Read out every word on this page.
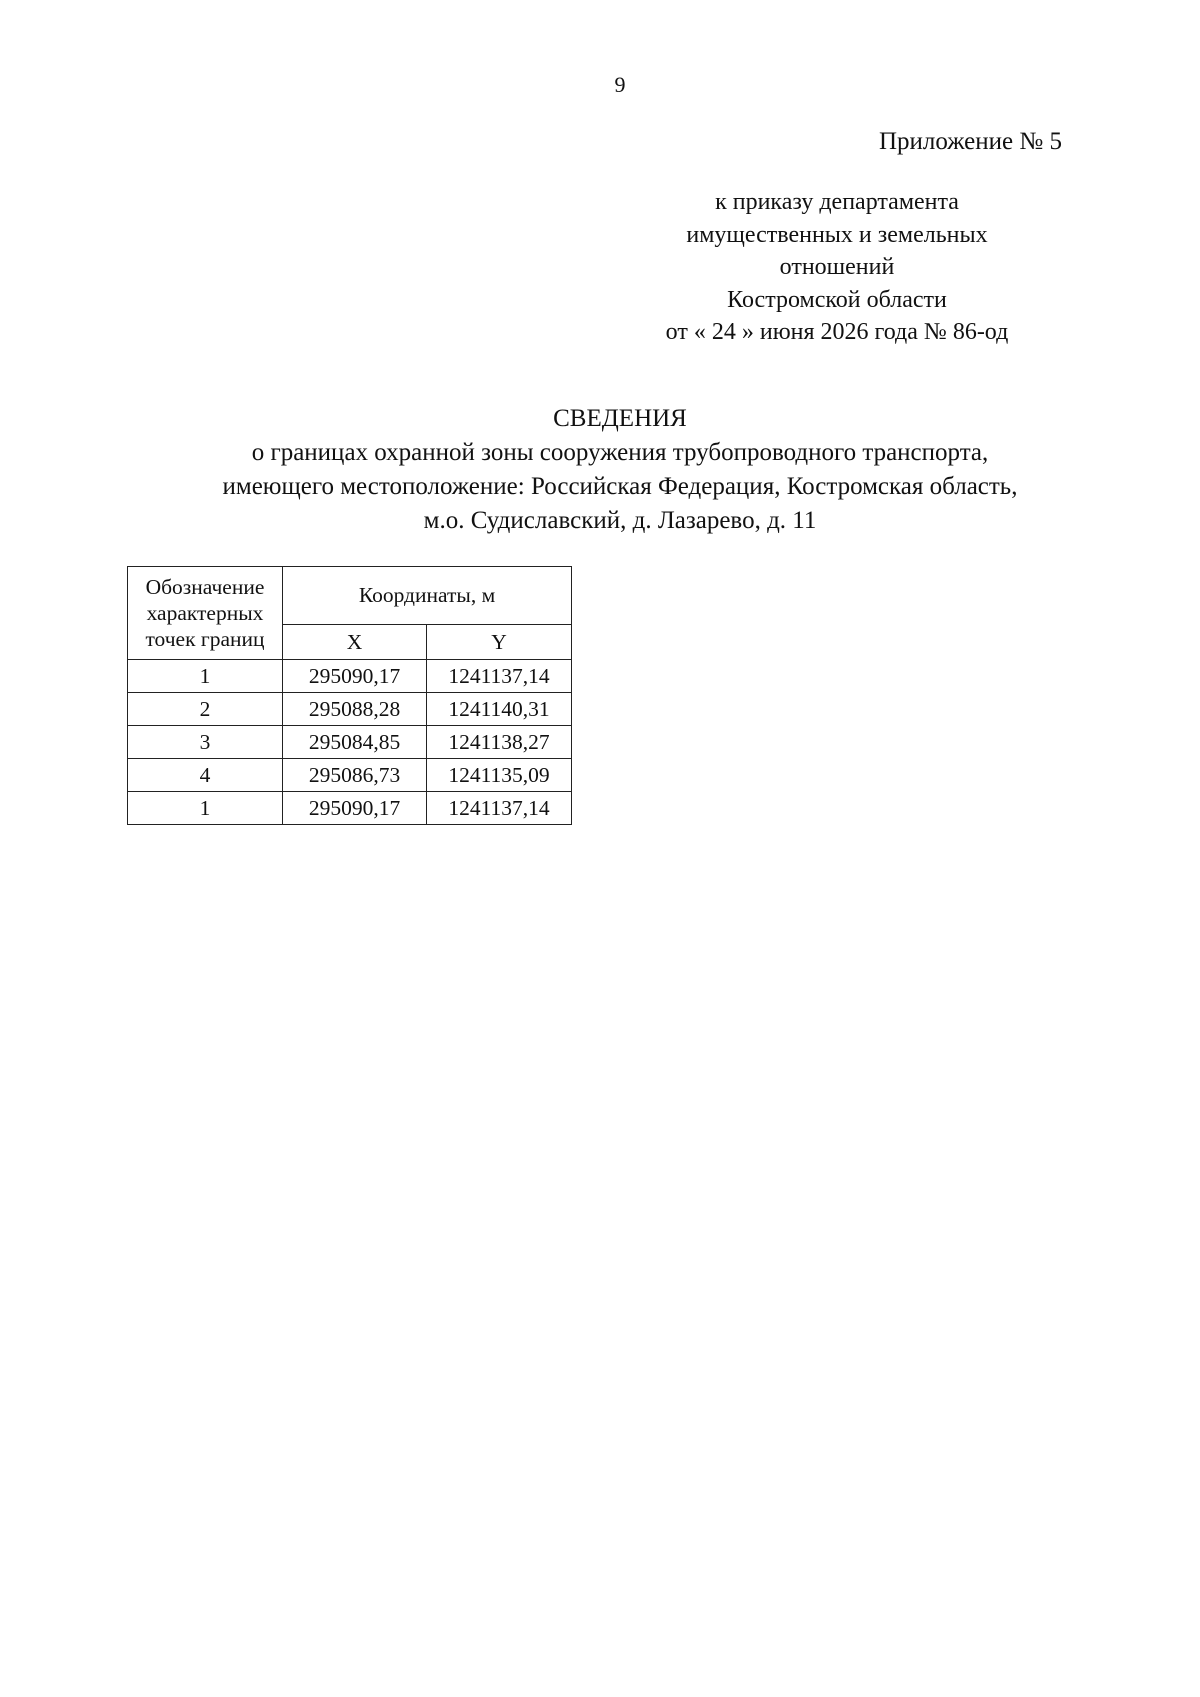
9
Приложение № 5
к приказу департамента
имущественных и земельных
отношений
Костромской области
от « 24 » июня 2026 года № 86-од
СВЕДЕНИЯ
о границах охранной зоны сооружения трубопроводного транспорта,
имеющего местоположение: Российская Федерация, Костромская область,
м.о. Судиславский, д. Лазарево, д. 11
Обозначение
характерных
точек границ	Координаты, м	
	X	Y
1	295090,17	1241137,14
2	295088,28	1241140,31
3	295084,85	1241138,27
4	295086,73	1241135,09
1	295090,17	1241137,14
